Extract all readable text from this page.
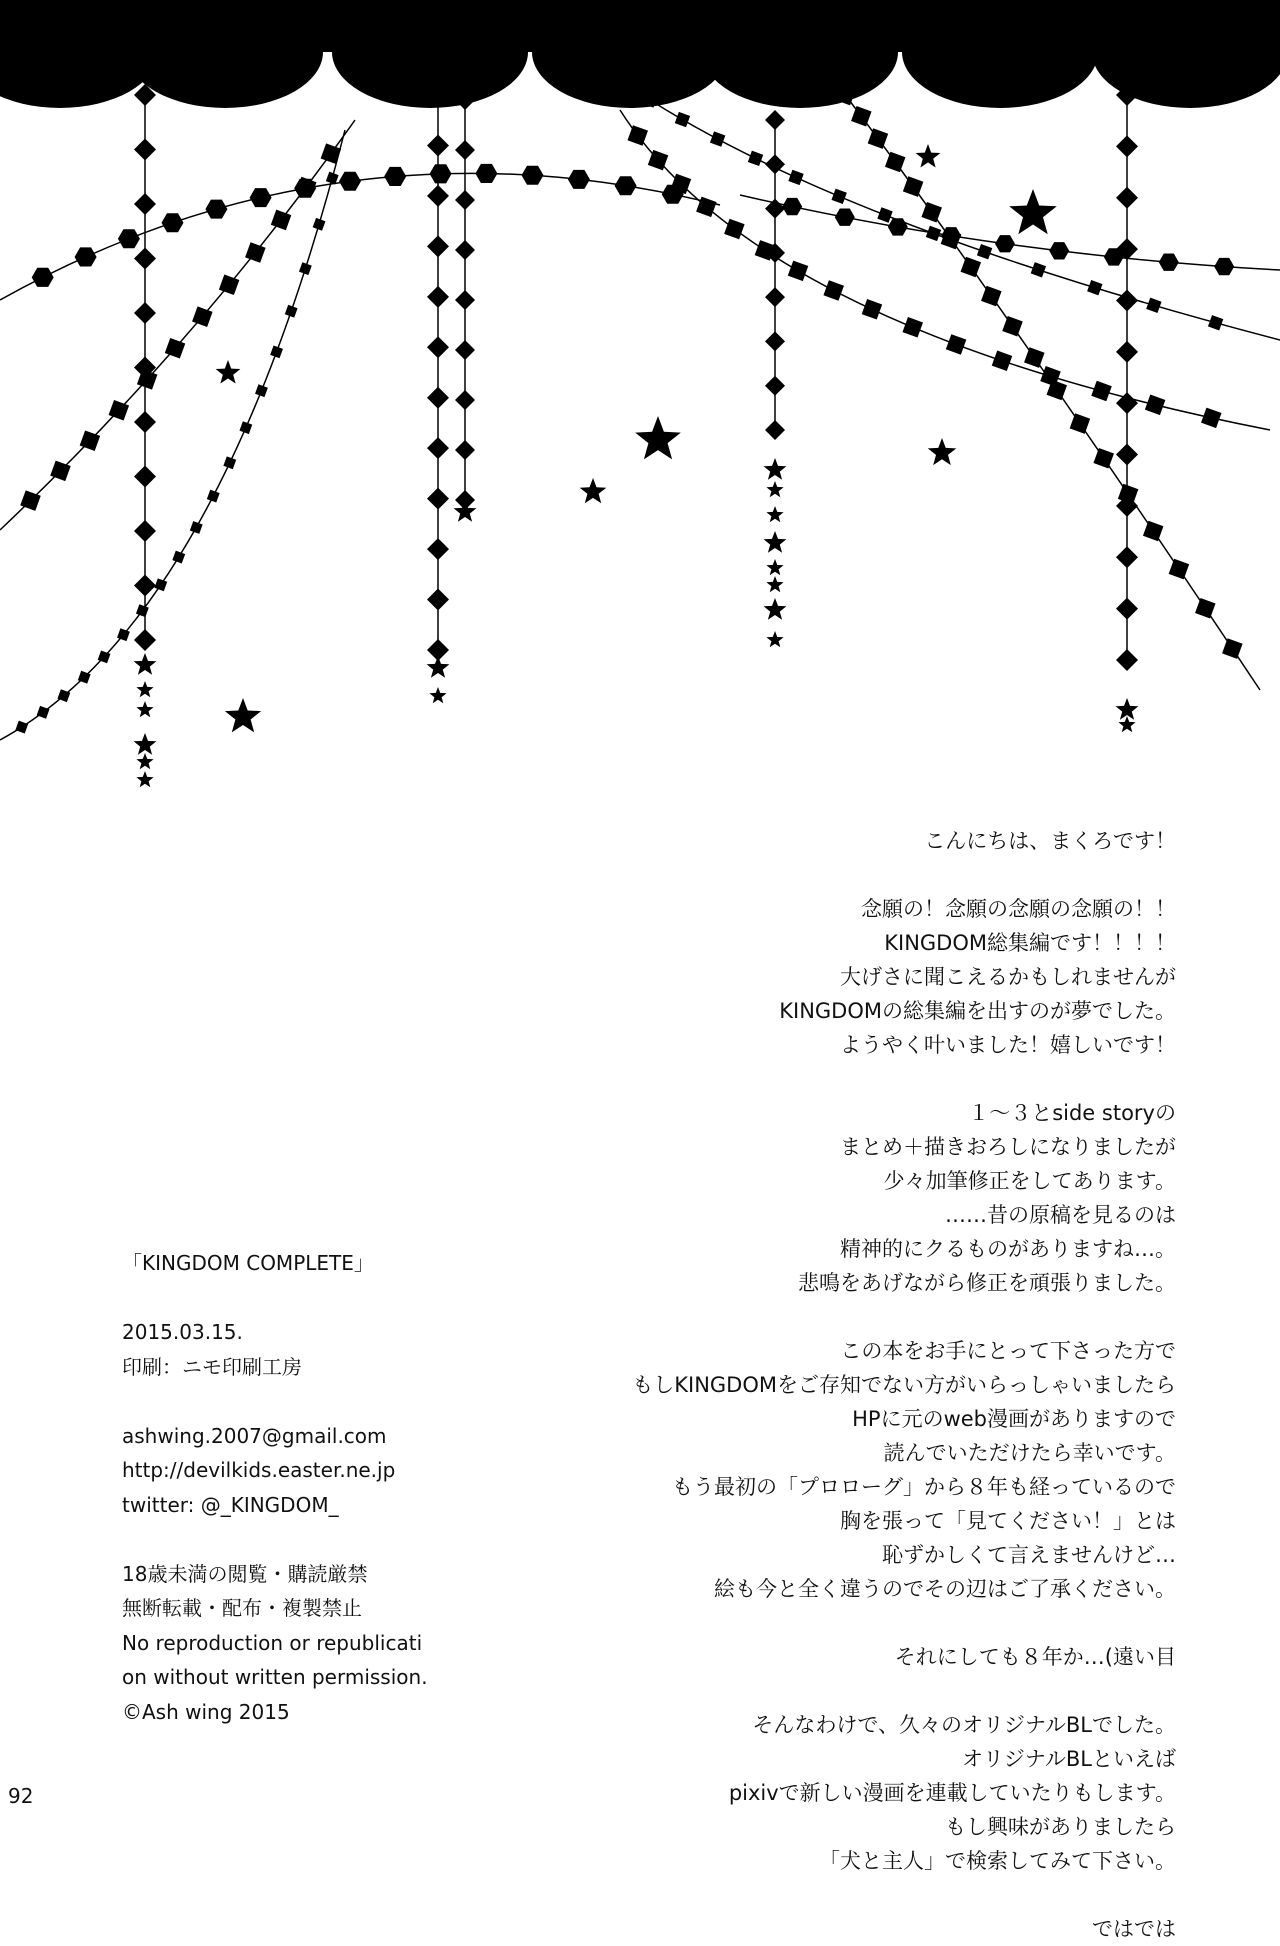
「KINGDOM COMPLETE」
2015.03.15.
印刷：ニモ印刷工房
ashwing.2007@gmail.com
http://devilkids.easter.ne.jp
twitter: @_KINGDOM_
18歳未満の閲覧・購読厳禁
無断転載・配布・複製禁止
No reproduction or republicati
on without written permission.
©Ash wing 2015
こんにちは、まくろです！
念願の！念願の念願の念願の！！
KINGDOM総集編です！！！！
大げさに聞こえるかもしれませんが
KINGDOMの総集編を出すのが夢でした。
ようやく叶いました！嬉しいです！
１～３とside storyの
まとめ＋描きおろしになりましたが
少々加筆修正をしてあります。
……昔の原稿を見るのは
精神的にクるものがありますね…。
悲鳴をあげながら修正を頑張りました。
この本をお手にとって下さった方で
もしKINGDOMをご存知でない方がいらっしゃいましたら
HPに元のweb漫画がありますので
読んでいただけたら幸いです。
もう最初の「プロローグ」から８年も経っているので
胸を張って「見てください！」とは
恥ずかしくて言えませんけど…
絵も今と全く違うのでその辺はご了承ください。
それにしても８年か…(遠い目
そんなわけで、久々のオリジナルBLでした。
オリジナルBLといえば
pixivで新しい漫画を連載していたりもします。
もし興味がありましたら
「犬と主人」で検索してみて下さい。
ではでは
92
